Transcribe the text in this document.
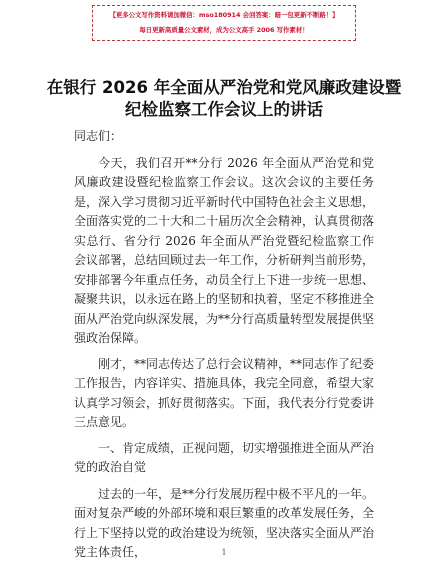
【更多公文写作资料请加微信：mso180914 会回答案：暗一包更新不断路！】
每日更新高质量公文素材，成为公文高手 2006 写作素材！
在银行 2026 年全面从严治党和党风廉政建设暨
纪检监察工作会议上的讲话

同志们：

今天，我们召开**分行 2026 年全面从严治党和党风廉政建设暨纪检监察工作会议。这次会议的主要任务是，深入学习贯彻习近平新时代中国特色社会主义思想，全面落实党的二十大和二十届历次全会精神，认真贯彻落实总行、省分行 2026 年全面从严治党暨纪检监察工作会议部署，总结回顾过去一年工作，分析研判当前形势，安排部署今年重点任务，动员全行上下进一步统一思想、凝聚共识，以永远在路上的坚韧和执着，坚定不移推进全面从严治党向纵深发展，为**分行高质量转型发展提供坚强政治保障。

刚才，**同志传达了总行会议精神，**同志作了纪委工作报告，内容详实、措施具体，我完全同意，希望大家认真学习领会，抓好贯彻落实。下面，我代表分行党委讲三点意见。

一、肯定成绩，正视问题，切实增强推进全面从严治党的政治自觉

过去的一年，是**分行发展历程中极不平凡的一年。面对复杂严峻的外部环境和艰巨繁重的改革发展任务，全行上下坚持以党的政治建设为统领，坚决落实全面从严治党主体责任，	1
